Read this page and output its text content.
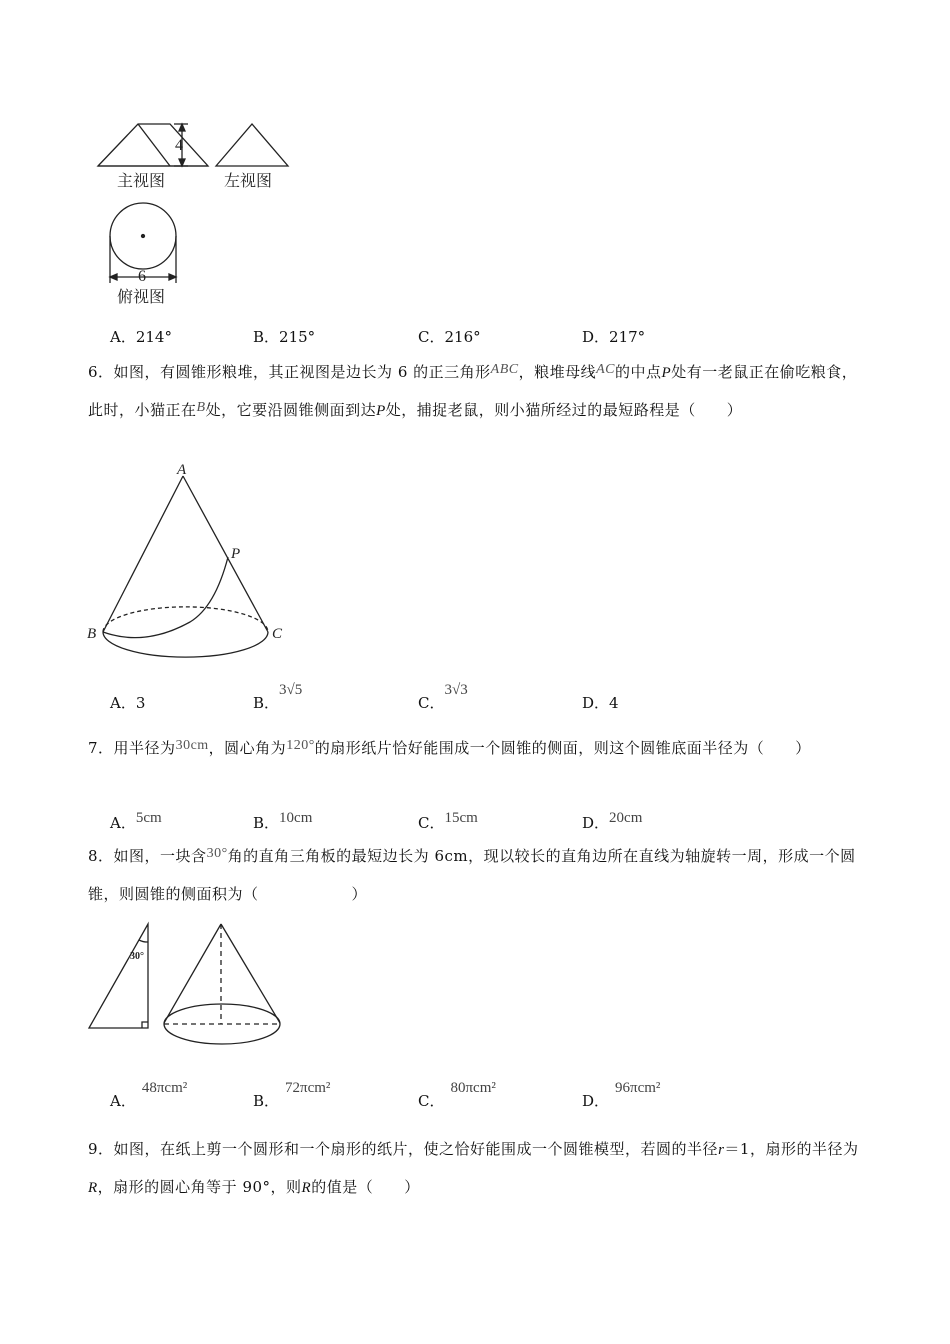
4
6
主视图	左视图
俯视图
A．214°	B．215°	C．216°	D．217°
6．如图，有圆锥形粮堆，其正视图是边长为 6 的正三角形ABC，粮堆母线AC的中点P处有一老鼠正在偷吃粮食，此时，小猫正在B处，它要沿圆锥侧面到达P处，捕捉老鼠，则小猫所经过的最短路程是（　　）
A
B	C
P
A．3	B．3√5
C．3√3
D．4
7．用半径为30cm，圆心角为120°的扇形纸片恰好能围成一个圆锥的侧面，则这个圆锥底面半径为（　　）
A．5cm	B．10cm	C．15cm	D．20cm
8．如图，一块含30°角的直角三角板的最短边长为 6cm，现以较长的直角边所在直线为轴旋转一周，形成一个圆锥，则圆锥的侧面积为（　　　　　　）
30°
A．48πcm²
B．72πcm²
C．80πcm²
D．96πcm²
9．如图，在纸上剪一个圆形和一个扇形的纸片，使之恰好能围成一个圆锥模型，若圆的半径r＝1，扇形的半径为R，扇形的圆心角等于 90°，则R的值是（　　）
